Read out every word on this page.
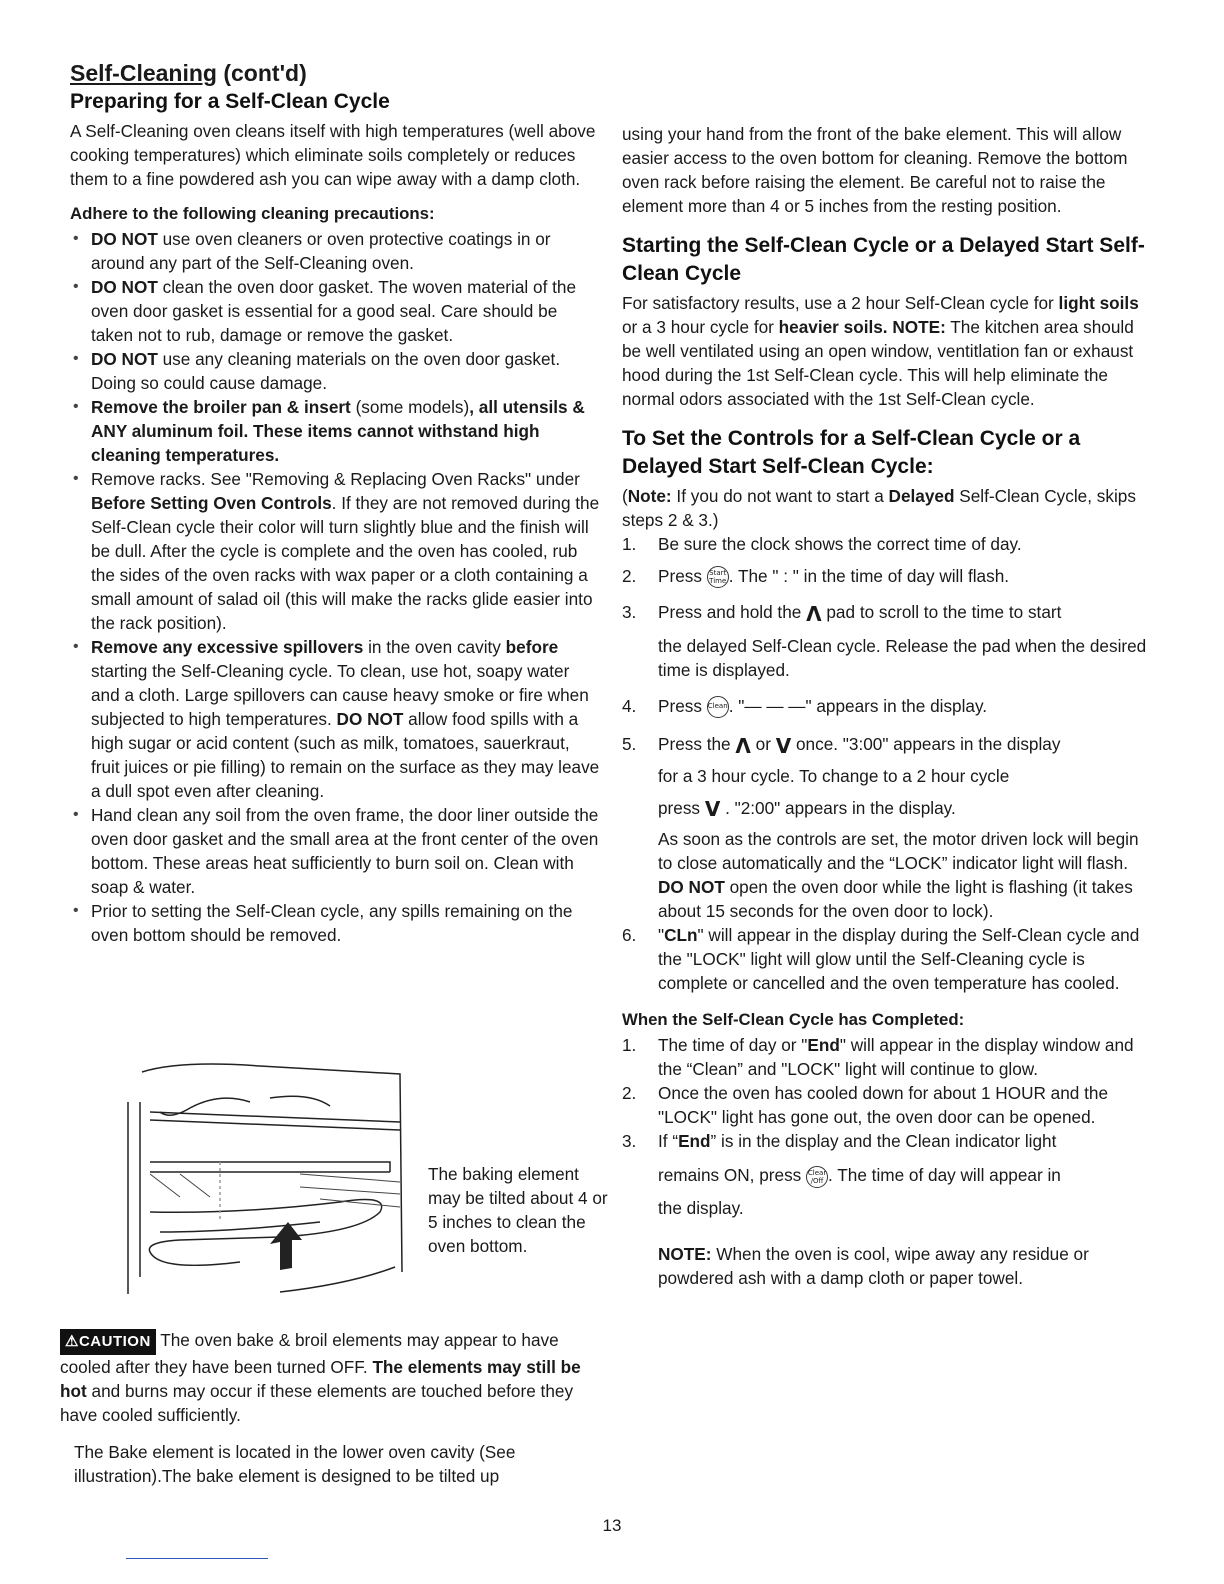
Self-Cleaning (cont'd)
Preparing for a Self-Clean Cycle

A Self-Cleaning oven cleans itself with high temperatures (well above cooking temperatures) which eliminate soils completely or reduces them to a fine powdered ash you can wipe away with a damp cloth.

Adhere to the following cleaning precautions:
• DO NOT use oven cleaners or oven protective coatings in or around any part of the Self-Cleaning oven.
• DO NOT clean the oven door gasket. The woven material of the oven door gasket is essential for a good seal. Care should be taken not to rub, damage or remove the gasket.
• DO NOT use any cleaning materials on the oven door gasket. Doing so could cause damage.
• Remove the broiler pan & insert (some models), all utensils & ANY aluminum foil. These items cannot withstand high cleaning temperatures.
• Remove racks. See "Removing & Replacing Oven Racks" under Before Setting Oven Controls. If they are not removed during the Self-Clean cycle their color will turn slightly blue and the finish will be dull. After the cycle is complete and the oven has cooled, rub the sides of the oven racks with wax paper or a cloth containing a small amount of salad oil (this will make the racks glide easier into the rack position).
• Remove any excessive spillovers in the oven cavity before starting the Self-Cleaning cycle. To clean, use hot, soapy water and a cloth. Large spillovers can cause heavy smoke or fire when subjected to high temperatures. DO NOT allow food spills with a high sugar or acid content (such as milk, tomatoes, sauerkraut, fruit juices or pie filling) to remain on the surface as they may leave a dull spot even after cleaning.
• Hand clean any soil from the oven frame, the door liner outside the oven door gasket and the small area at the front center of the oven bottom. These areas heat sufficiently to burn soil on. Clean with soap & water.
• Prior to setting the Self-Clean cycle, any spills remaining on the oven bottom should be removed.
The baking element may be tilted about 4 or 5 inches to clean the oven bottom.

⚠CAUTION The oven bake & broil elements may appear to have cooled after they have been turned OFF. The elements may still be hot and burns may occur if these elements are touched before they have cooled sufficiently.

The Bake element is located in the lower oven cavity (See illustration).The bake element is designed to be tilted up

using your hand from the front of the bake element. This will allow easier access to the oven bottom for cleaning. Remove the bottom oven rack before raising the element. Be careful not to raise the element more than 4 or 5 inches from the resting position.

Starting the Self-Clean Cycle or a Delayed Start Self-Clean Cycle

For satisfactory results, use a 2 hour Self-Clean cycle for light soils or a 3 hour cycle for heavier soils. NOTE: The kitchen area should be well ventilated using an open window, ventitlation fan or exhaust hood during the 1st Self-Clean cycle. This will help eliminate the normal odors associated with the 1st Self-Clean cycle.

To Set the Controls for a Self-Clean Cycle or a Delayed Start Self-Clean Cycle:

(Note: If you do not want to start a Delayed Self-Clean Cycle, skips steps 2 & 3.)

1. Be sure the clock shows the correct time of day.
2. Press Start
Time . The " : " in the time of day will flash.
3. Press and hold the Λ pad to scroll to the time to start
the delayed Self-Clean cycle. Release the pad when the desired time is displayed.
4. Press Clean. "— — —" appears in the display.
5. Press the Λ or V once. "3:00" appears in the display
for a 3 hour cycle. To change to a 2 hour cycle
press V . "2:00" appears in the display.
As soon as the controls are set, the motor driven lock will begin to close automatically and the “LOCK” indicator light will flash. DO NOT open the oven door while the light is flashing (it takes about 15 seconds for the oven door to lock).
6. "CLn" will appear in the display during the Self-Clean cycle and the "LOCK" light will glow until the Self-Cleaning cycle is complete or cancelled and the oven temperature has cooled.
When the Self-Clean Cycle has Completed:
1. The time of day or "End" will appear in the display window and the “Clean” and "LOCK" light will continue to glow.
2. Once the oven has cooled down for about 1 HOUR and the "LOCK" light has gone out, the oven door can be opened.
3. If “End” is in the display and the Clean indicator light
remains ON, press Clear
/Off . The time of day will appear in
the display.
NOTE: When the oven is cool, wipe away any residue or powdered ash with a damp cloth or paper towel.
13
